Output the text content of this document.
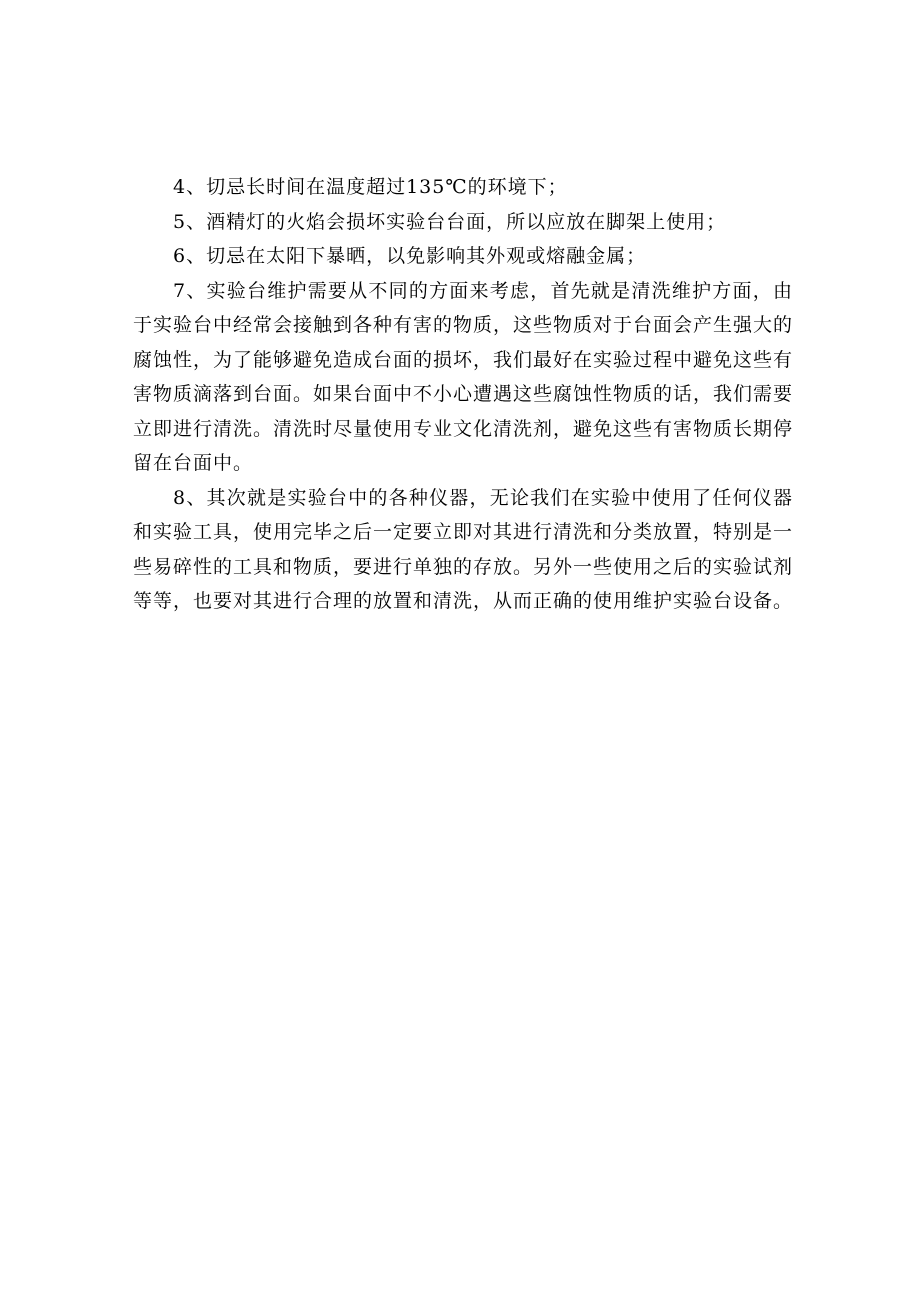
4、切忌长时间在温度超过135℃的环境下；

5、酒精灯的火焰会损坏实验台台面，所以应放在脚架上使用；

6、切忌在太阳下暴晒，以免影响其外观或熔融金属；

7、实验台维护需要从不同的方面来考虑，首先就是清洗维护方面，由于实验台中经常会接触到各种有害的物质，这些物质对于台面会产生强大的腐蚀性，为了能够避免造成台面的损坏，我们最好在实验过程中避免这些有害物质滴落到台面。如果台面中不小心遭遇这些腐蚀性物质的话，我们需要立即进行清洗。清洗时尽量使用专业文化清洗剂，避免这些有害物质长期停留在台面中。

8、其次就是实验台中的各种仪器，无论我们在实验中使用了任何仪器和实验工具，使用完毕之后一定要立即对其进行清洗和分类放置，特别是一些易碎性的工具和物质，要进行单独的存放。另外一些使用之后的实验试剂等等，也要对其进行合理的放置和清洗，从而正确的使用维护实验台设备。
